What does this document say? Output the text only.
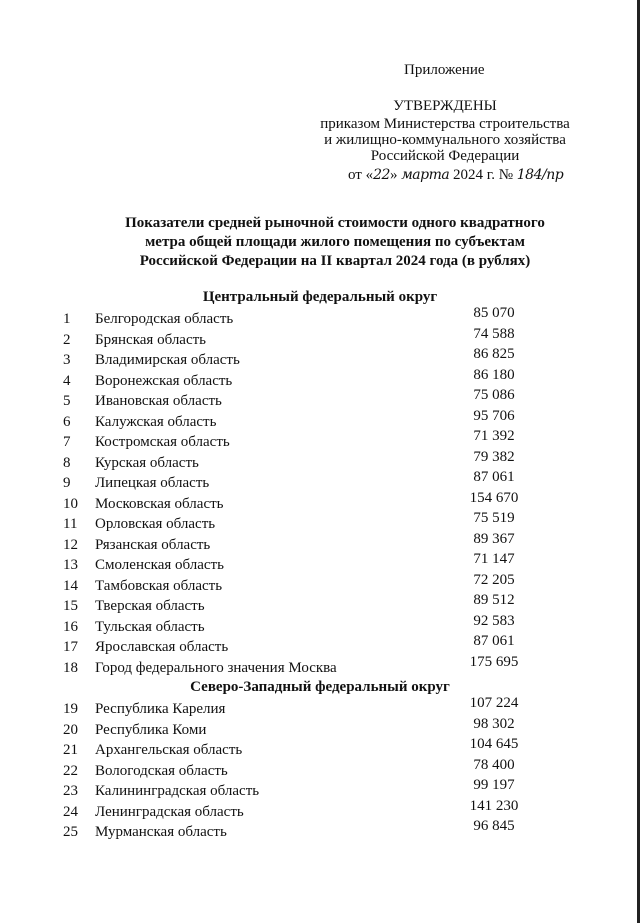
Приложение
УТВЕРЖДЕНЫ
приказом Министерства строительства
и жилищно-коммунального хозяйства
Российской Федерации
от «22» марта 2024 г. № 184/пр
Показатели средней рыночной стоимости одного квадратного
метра общей площади жилого помещения по субъектам
Российской Федерации на II квартал 2024 года (в рублях)
Центральный федеральный округ
1	Белгородская область	85 070
2	Брянская область	74 588
3	Владимирская область	86 825
4	Воронежская область	86 180
5	Ивановская область	75 086
6	Калужская область	95 706
7	Костромская область	71 392
8	Курская область	79 382
9	Липецкая область	87 061
10	Московская область	154 670
11	Орловская область	75 519
12	Рязанская область	89 367
13	Смоленская область	71 147
14	Тамбовская область	72 205
15	Тверская область	89 512
16	Тульская область	92 583
17	Ярославская область	87 061
18	Город федерального значения Москва	175 695
Северо-Западный федеральный округ
19	Республика Карелия	107 224
20	Республика Коми	98 302
21	Архангельская область	104 645
22	Вологодская область	78 400
23	Калининградская область	99 197
24	Ленинградская область	141 230
25	Мурманская область	96 845
